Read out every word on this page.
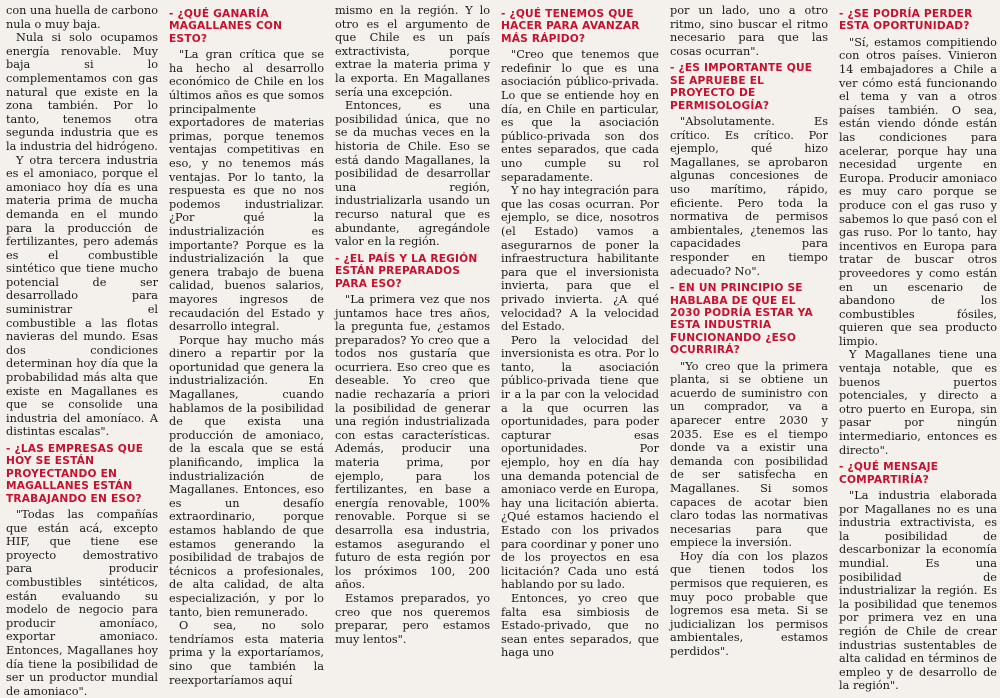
con una huella de carbono nula o muy baja.

Nula si solo ocupamos energía renovable. Muy baja si lo complementamos con gas natural que existe en la zona también. Por lo tanto, tenemos otra segunda industria que es la industria del hidrógeno.

Y otra tercera industria es el amoniaco, porque el amoniaco hoy día es una materia prima de mucha demanda en el mundo para la producción de fertilizantes, pero además es el combustible sintético que tiene mucho potencial de ser desarrollado para suministrar el combustible a las flotas navieras del mundo. Esas dos condiciones determinan hoy día que la probabilidad más alta que existe en Magallanes es que se consolide una industria del amoníaco. A distintas escalas".

- ¿LAS EMPRESAS QUE HOY SE ESTÁN PROYECTANDO EN MAGALLANES ESTÁN TRABAJANDO EN ESO?

"Todas las compañías que están acá, excepto HIF, que tiene ese proyecto demostrativo para producir combustibles sintéticos, están evaluando su modelo de negocio para producir amoníaco, exportar amoniaco. Entonces, Magallanes hoy día tiene la posibilidad de ser un productor mundial de amoniaco".

- ¿QUÉ GANARÍA MAGALLANES CON ESTO?

"La gran crítica que se ha hecho al desarrollo económico de Chile en los últimos años es que somos principalmente exportadores de materias primas, porque tenemos ventajas competitivas en eso, y no tenemos más ventajas. Por lo tanto, la respuesta es que no nos podemos industrializar. ¿Por qué la industrialización es importante? Porque es la industrialización la que genera trabajo de buena calidad, buenos salarios, mayores ingresos de recaudación del Estado y desarrollo integral.

Porque hay mucho más dinero a repartir por la oportunidad que genera la industrialización. En Magallanes, cuando hablamos de la posibilidad de que exista una producción de amoniaco, de la escala que se está planificando, implica la industrialización de Magallanes. Entonces, eso es un desafío extraordinario, porque estamos hablando de que estamos generando la posibilidad de trabajos de técnicos a profesionales, de alta calidad, de alta especialización, y por lo tanto, bien remunerado.

O sea, no solo tendríamos esta materia prima y la exportaríamos, sino que también la reexportaríamos aquí

mismo en la región. Y lo otro es el argumento de que Chile es un país extractivista, porque extrae la materia prima y la exporta. En Magallanes sería una excepción.

Entonces, es una posibilidad única, que no se da muchas veces en la historia de Chile. Eso se está dando Magallanes, la posibilidad de desarrollar una región, industrializarla usando un recurso natural que es abundante, agregándole valor en la región.

- ¿EL PAÍS Y LA REGIÓN ESTÁN PREPARADOS PARA ESO?

"La primera vez que nos juntamos hace tres años, la pregunta fue, ¿estamos preparados? Yo creo que a todos nos gustaría que ocurriera. Eso creo que es deseable. Yo creo que nadie rechazaría a priori la posibilidad de generar una región industrializada con estas características. Además, producir una materia prima, por ejemplo, para los fertilizantes, en base a energía renovable, 100% renovable. Porque si se desarrolla esa industria, estamos asegurando el futuro de esta región por los próximos 100, 200 años.

Estamos preparados, yo creo que nos queremos preparar, pero estamos muy lentos".

- ¿QUÉ TENEMOS QUE HACER PARA AVANZAR MÁS RÁPIDO?

"Creo que tenemos que redefinir lo que es una asociación público-privada. Lo que se entiende hoy en día, en Chile en particular, es que la asociación público-privada son dos entes separados, que cada uno cumple su rol separadamente.

Y no hay integración para que las cosas ocurran. Por ejemplo, se dice, nosotros (el Estado) vamos a asegurarnos de poner la infraestructura habilitante para que el inversionista invierta, para que el privado invierta. ¿A qué velocidad? A la velocidad del Estado.

Pero la velocidad del inversionista es otra. Por lo tanto, la asociación público-privada tiene que ir a la par con la velocidad a la que ocurren las oportunidades, para poder capturar esas oportunidades. Por ejemplo, hoy en día hay una demanda potencial de amoniaco verde en Europa, hay una licitación abierta. ¿Qué estamos haciendo el Estado con los privados para coordinar y poner uno de los proyectos en esa licitación? Cada uno está hablando por su lado.

Entonces, yo creo que falta esa simbiosis de Estado-privado, que no sean entes separados, que haga uno

por un lado, uno a otro ritmo, sino buscar el ritmo necesario para que las cosas ocurran".

- ¿ES IMPORTANTE QUE SE APRUEBE EL PROYECTO DE PERMISOLOGÍA?

"Absolutamente. Es crítico. Es crítico. Por ejemplo, qué hizo Magallanes, se aprobaron algunas concesiones de uso marítimo, rápido, eficiente. Pero toda la normativa de permisos ambientales, ¿tenemos las capacidades para responder en tiempo adecuado? No".

- EN UN PRINCIPIO SE HABLABA DE QUE EL 2030 PODRÍA ESTAR YA ESTA INDUSTRIA FUNCIONANDO ¿ESO OCURRIRÁ?

"Yo creo que la primera planta, si se obtiene un acuerdo de suministro con un comprador, va a aparecer entre 2030 y 2035. Ese es el tiempo donde va a existir una demanda con posibilidad de ser satisfecha en Magallanes. Si somos capaces de acotar bien claro todas las normativas necesarias para que empiece la inversión.

Hoy día con los plazos que tienen todos los permisos que requieren, es muy poco probable que logremos esa meta. Si se judicializan los permisos ambientales, estamos perdidos".

- ¿SE PODRÍA PERDER ESTA OPORTUNIDAD?

"Sí, estamos compitiendo con otros países. Vinieron 14 embajadores a Chile a ver cómo está funcionando el tema y van a otros países también. O sea, están viendo dónde están las condiciones para acelerar, porque hay una necesidad urgente en Europa. Producir amoniaco es muy caro porque se produce con el gas ruso y sabemos lo que pasó con el gas ruso. Por lo tanto, hay incentivos en Europa para tratar de buscar otros proveedores y como están en un escenario de abandono de los combustibles fósiles, quieren que sea producto limpio.

Y Magallanes tiene una ventaja notable, que es buenos puertos potenciales, y directo a otro puerto en Europa, sin pasar por ningún intermediario, entonces es directo".

- ¿QUÉ MENSAJE COMPARTIRÍA?

"La industria elaborada por Magallanes no es una industria extractivista, es la posibilidad de descarbonizar la economía mundial. Es una posibilidad de industrializar la región. Es la posibilidad que tenemos por primera vez en una región de Chile de crear industrias sustentables de alta calidad en términos de empleo y de desarrollo de la región".
